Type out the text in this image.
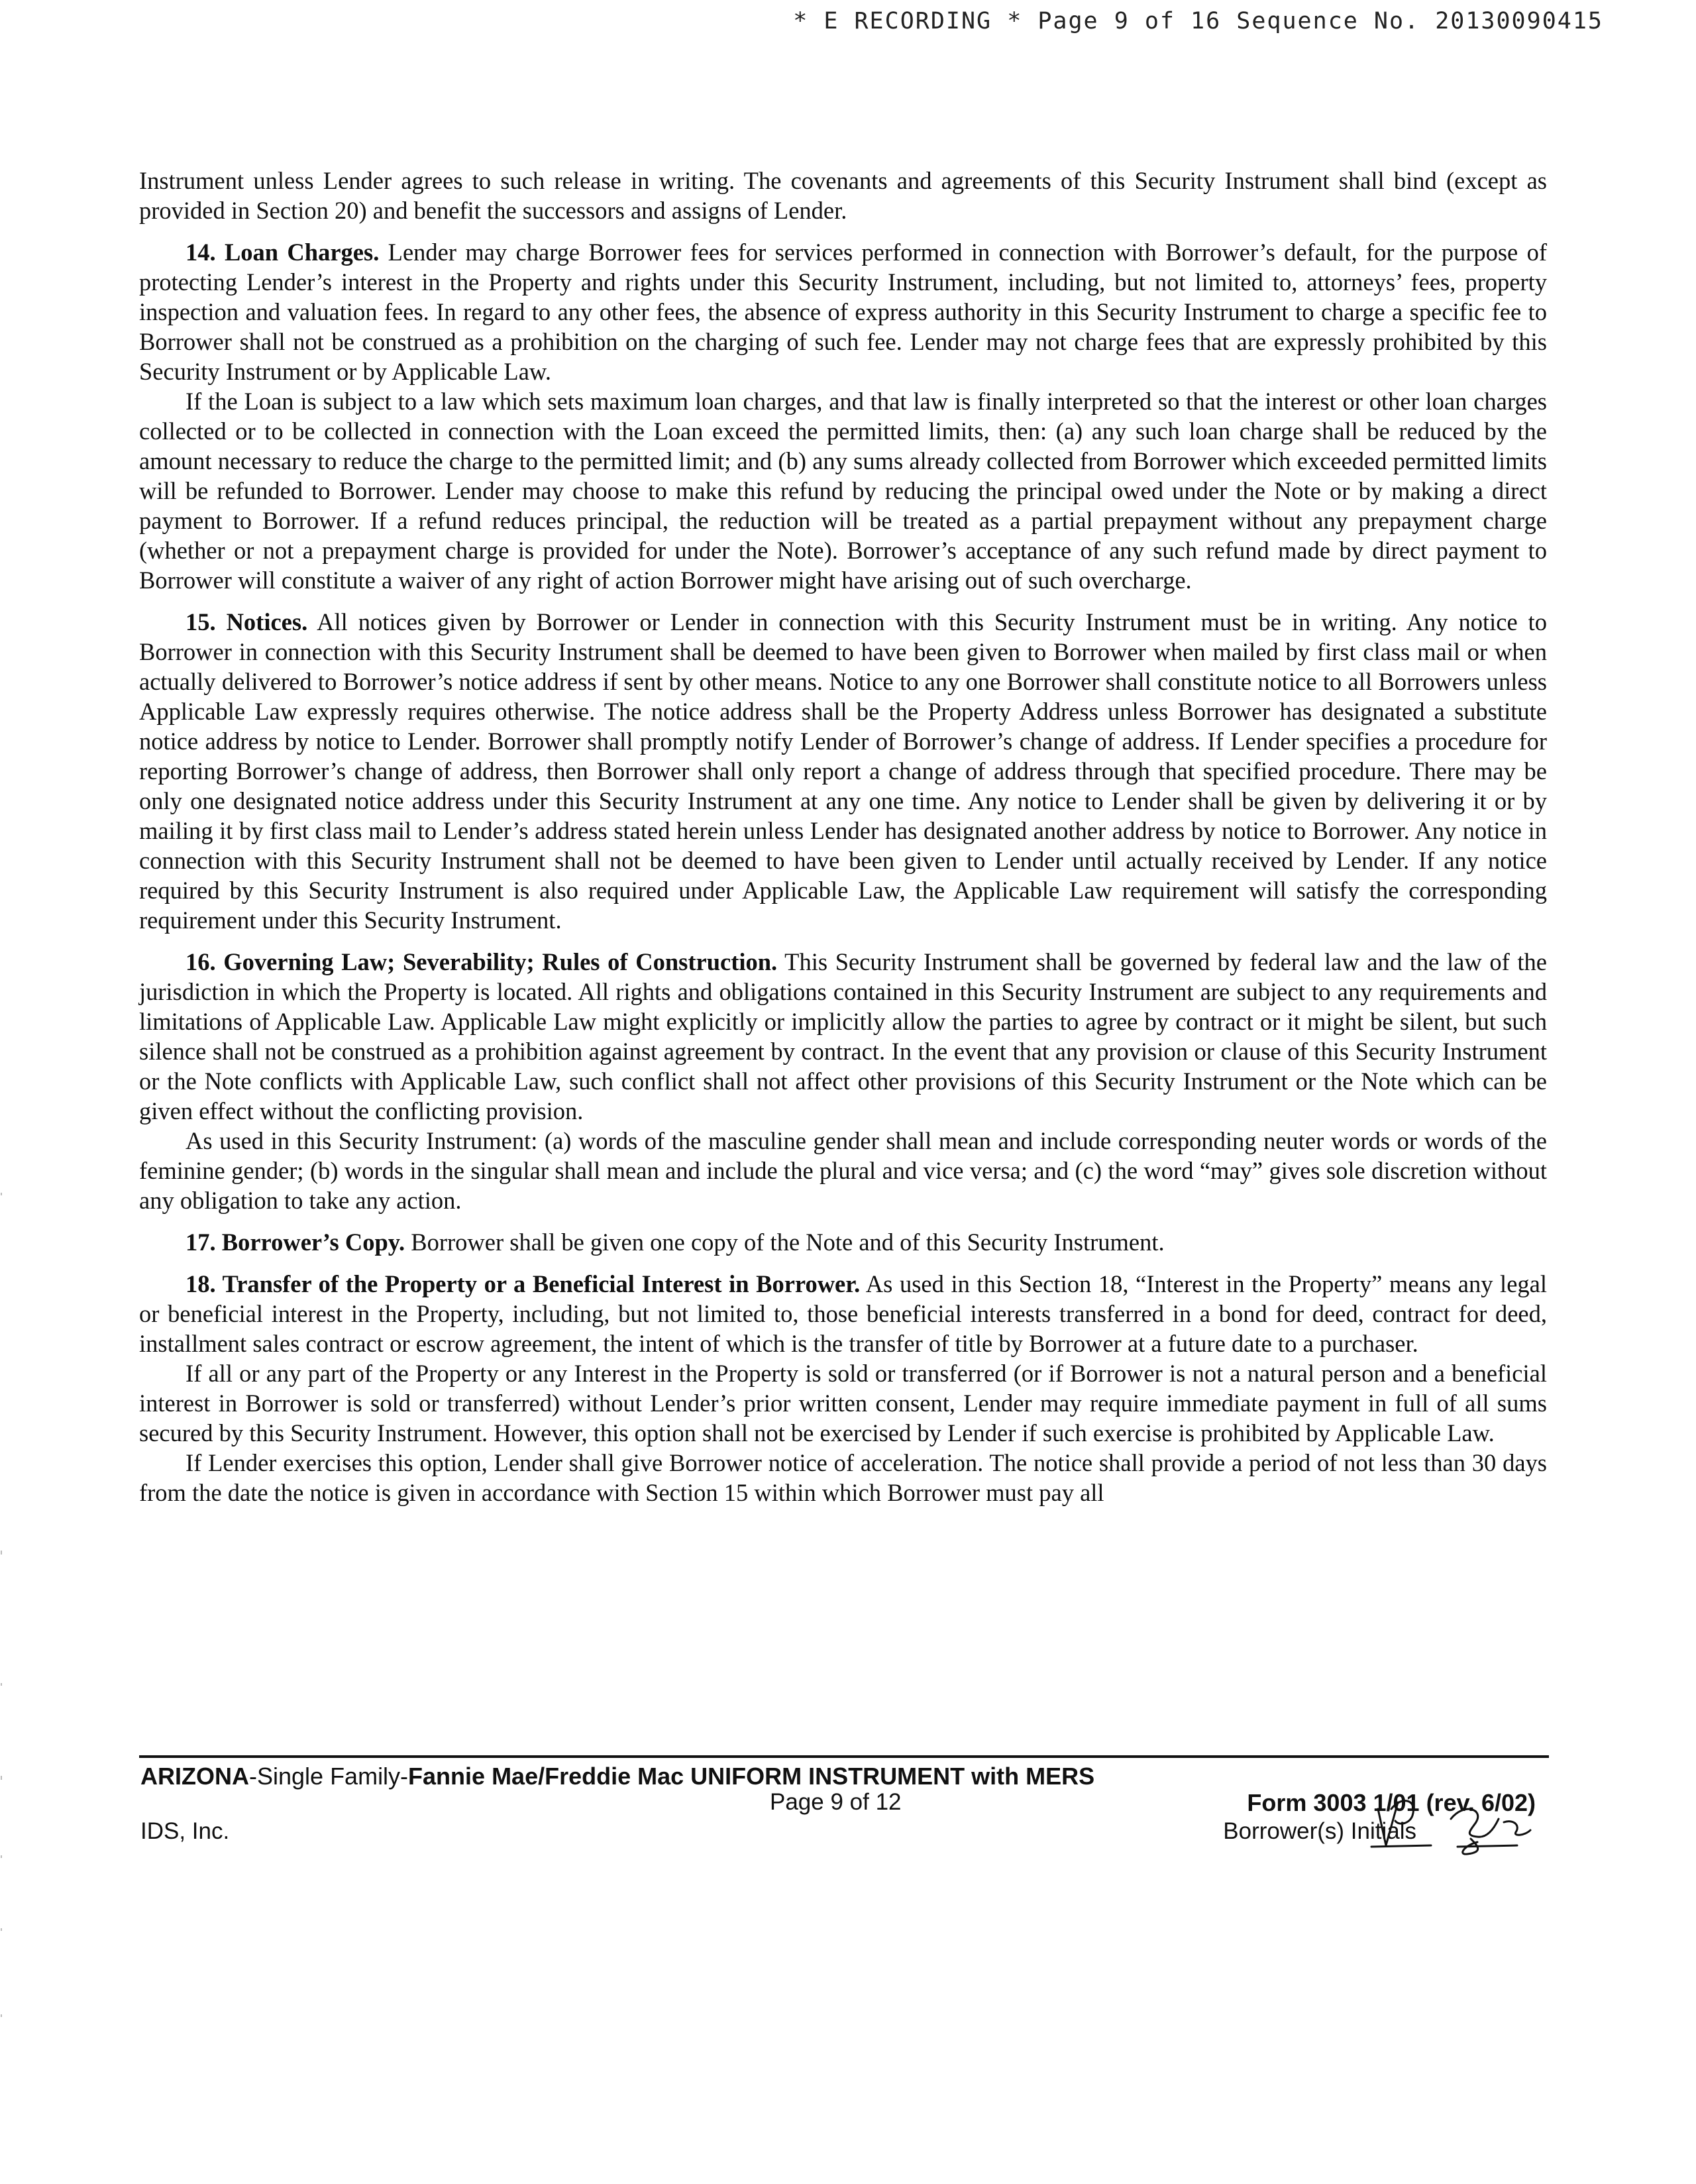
* E RECORDING * Page 9 of 16 Sequence No. 20130090415

Instrument unless Lender agrees to such release in writing. The covenants and agreements of this Security Instrument shall bind (except as provided in Section 20) and benefit the successors and assigns of Lender.

14. Loan Charges. Lender may charge Borrower fees for services performed in connection with Borrower’s default, for the purpose of protecting Lender’s interest in the Property and rights under this Security Instrument, including, but not limited to, attorneys’ fees, property inspection and valuation fees. In regard to any other fees, the absence of express authority in this Security Instrument to charge a specific fee to Borrower shall not be construed as a prohibition on the charging of such fee. Lender may not charge fees that are expressly prohibited by this Security Instrument or by Applicable Law.

If the Loan is subject to a law which sets maximum loan charges, and that law is finally interpreted so that the interest or other loan charges collected or to be collected in connection with the Loan exceed the permitted limits, then: (a) any such loan charge shall be reduced by the amount necessary to reduce the charge to the permitted limit; and (b) any sums already collected from Borrower which exceeded permitted limits will be refunded to Borrower. Lender may choose to make this refund by reducing the principal owed under the Note or by making a direct payment to Borrower. If a refund reduces principal, the reduction will be treated as a partial prepayment without any prepayment charge (whether or not a prepayment charge is provided for under the Note). Borrower’s acceptance of any such refund made by direct payment to Borrower will constitute a waiver of any right of action Borrower might have arising out of such overcharge.

15. Notices. All notices given by Borrower or Lender in connection with this Security Instrument must be in writing. Any notice to Borrower in connection with this Security Instrument shall be deemed to have been given to Borrower when mailed by first class mail or when actually delivered to Borrower’s notice address if sent by other means. Notice to any one Borrower shall constitute notice to all Borrowers unless Applicable Law expressly requires otherwise. The notice address shall be the Property Address unless Borrower has designated a substitute notice address by notice to Lender. Borrower shall promptly notify Lender of Borrower’s change of address. If Lender specifies a procedure for reporting Borrower’s change of address, then Borrower shall only report a change of address through that specified procedure. There may be only one designated notice address under this Security Instrument at any one time. Any notice to Lender shall be given by delivering it or by mailing it by first class mail to Lender’s address stated herein unless Lender has designated another address by notice to Borrower. Any notice in connection with this Security Instrument shall not be deemed to have been given to Lender until actually received by Lender. If any notice required by this Security Instrument is also required under Applicable Law, the Applicable Law requirement will satisfy the corresponding requirement under this Security Instrument.

16. Governing Law; Severability; Rules of Construction. This Security Instrument shall be governed by federal law and the law of the jurisdiction in which the Property is located. All rights and obligations contained in this Security Instrument are subject to any requirements and limitations of Applicable Law. Applicable Law might explicitly or implicitly allow the parties to agree by contract or it might be silent, but such silence shall not be construed as a prohibition against agreement by contract. In the event that any provision or clause of this Security Instrument or the Note conflicts with Applicable Law, such conflict shall not affect other provisions of this Security Instrument or the Note which can be given effect without the conflicting provision.

As used in this Security Instrument: (a) words of the masculine gender shall mean and include corresponding neuter words or words of the feminine gender; (b) words in the singular shall mean and include the plural and vice versa; and (c) the word “may” gives sole discretion without any obligation to take any action.

17. Borrower’s Copy. Borrower shall be given one copy of the Note and of this Security Instrument.

18. Transfer of the Property or a Beneficial Interest in Borrower. As used in this Section 18, “Interest in the Property” means any legal or beneficial interest in the Property, including, but not limited to, those beneficial interests transferred in a bond for deed, contract for deed, installment sales contract or escrow agreement, the intent of which is the transfer of title by Borrower at a future date to a purchaser.

If all or any part of the Property or any Interest in the Property is sold or transferred (or if Borrower is not a natural person and a beneficial interest in Borrower is sold or transferred) without Lender’s prior written consent, Lender may require immediate payment in full of all sums secured by this Security Instrument. However, this option shall not be exercised by Lender if such exercise is prohibited by Applicable Law.

If Lender exercises this option, Lender shall give Borrower notice of acceleration. The notice shall provide a period of not less than 30 days from the date the notice is given in accordance with Section 15 within which Borrower must pay all

ARIZONA-Single Family-Fannie Mae/Freddie Mac UNIFORM INSTRUMENT with MERS
Page 9 of 12
IDS, Inc.
Form 3003 1/01 (rev. 6/02)
Borrower(s) Initials
